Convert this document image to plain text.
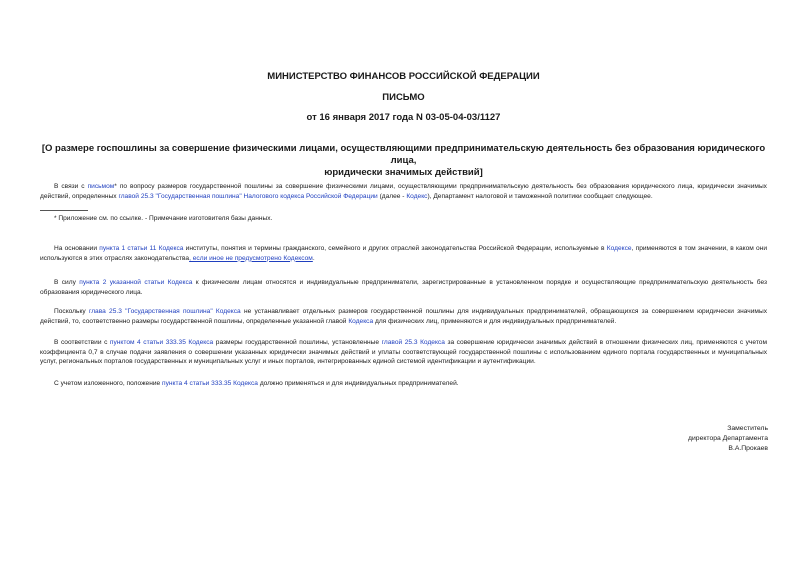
МИНИСТЕРСТВО ФИНАНСОВ РОССИЙСКОЙ ФЕДЕРАЦИИ
ПИСЬМО
от 16 января 2017 года N 03-05-04-03/1127
[О размере госпошлины за совершение физическими лицами, осуществляющими предпринимательскую деятельность без образования юридического лица,
юридически значимых действий]
В связи с письмом* по вопросу размеров государственной пошлины за совершение физическими лицами, осуществляющими предпринимательскую деятельность без образования юридического лица, юридически значимых действий, определенных главой 25.3 "Государственная пошлина" Налогового кодекса Российской Федерации (далее - Кодекс), Департамент налоговой и таможенной политики сообщает следующее.
* Приложение см. по ссылке. - Примечание изготовителя базы данных.
На основании пункта 1 статьи 11 Кодекса институты, понятия и термины гражданского, семейного и других отраслей законодательства Российской Федерации, используемые в Кодексе, применяются в том значении, в каком они используются в этих отраслях законодательства, если иное не предусмотрено Кодексом.
В силу пункта 2 указанной статьи Кодекса к физическим лицам относятся и индивидуальные предприниматели, зарегистрированные в установленном порядке и осуществляющие предпринимательскую деятельность без образования юридического лица.
Поскольку глава 25.3 "Государственная пошлина" Кодекса не устанавливает отдельных размеров государственной пошлины для индивидуальных предпринимателей, обращающихся за совершением юридически значимых действий, то, соответственно размеры государственной пошлины, определенные указанной главой Кодекса для физических лиц, применяются и для индивидуальных предпринимателей.
В соответствии с пунктом 4 статьи 333.35 Кодекса размеры государственной пошлины, установленные главой 25.3 Кодекса за совершение юридически значимых действий в отношении физических лиц, применяются с учетом коэффициента 0,7 в случае подачи заявления о совершении указанных юридически значимых действий и уплаты соответствующей государственной пошлины с использованием единого портала государственных и муниципальных услуг, региональных порталов государственных и муниципальных услуг и иных порталов, интегрированных единой системой идентификации и аутентификации.
С учетом изложенного, положение пункта 4 статьи 333.35 Кодекса должно применяться и для индивидуальных предпринимателей.
Заместитель
директора Департамента
В.А.Прокаев
